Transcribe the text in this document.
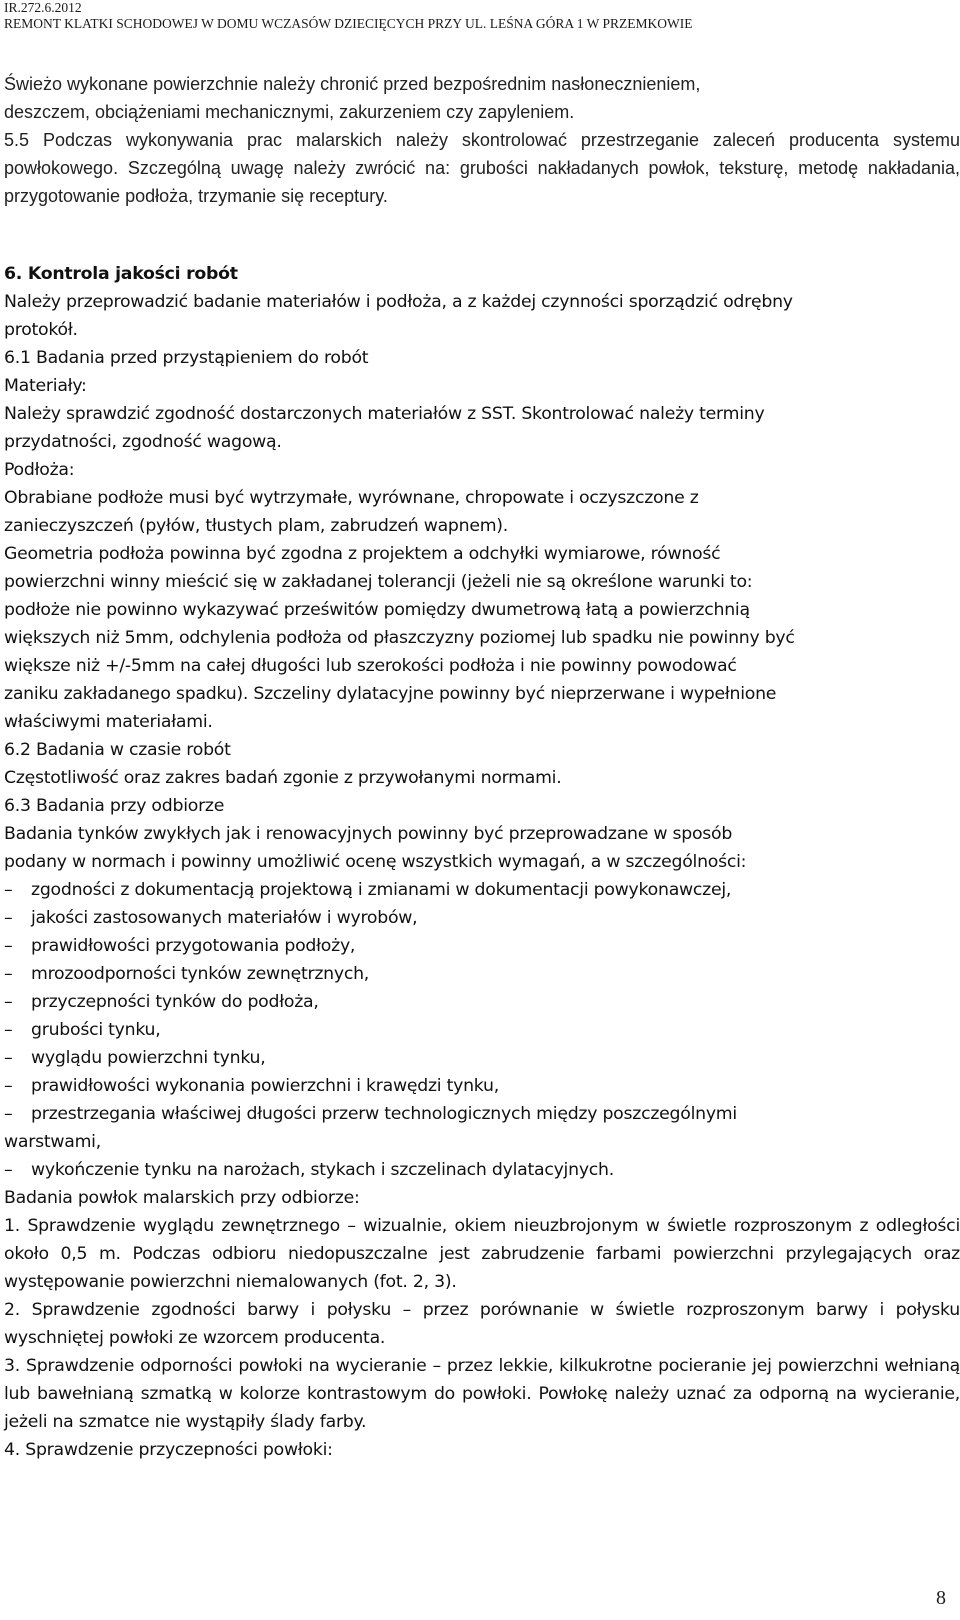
IR.272.6.2012
REMONT KLATKI SCHODOWEJ W DOMU WCZASÓW DZIECIĘCYCH PRZY UL. LEŚNA GÓRA 1 W PRZEMKOWIE
Świeżo wykonane powierzchnie należy chronić przed bezpośrednim nasłonecznieniem,
deszczem, obciążeniami mechanicznymi, zakurzeniem czy zapyleniem.
5.5 Podczas wykonywania prac malarskich należy skontrolować przestrzeganie zaleceń producenta systemu powłokowego. Szczególną uwagę należy zwrócić na: grubości nakładanych powłok, teksturę, metodę nakładania, przygotowanie podłoża, trzymanie się receptury.
6. Kontrola jakości robót
Należy przeprowadzić badanie materiałów i podłoża, a z każdej czynności sporządzić odrębny
protokół.
6.1 Badania przed przystąpieniem do robót
Materiały:
Należy sprawdzić zgodność dostarczonych materiałów z SST. Skontrolować należy terminy
przydatności, zgodność wagową.
Podłoża:
Obrabiane podłoże musi być wytrzymałe, wyrównane, chropowate i oczyszczone z
zanieczyszczeń (pyłów, tłustych plam, zabrudzeń wapnem).
Geometria podłoża powinna być zgodna z projektem a odchyłki wymiarowe, równość
powierzchni winny mieścić się w zakładanej tolerancji (jeżeli nie są określone warunki to:
podłoże nie powinno wykazywać prześwitów pomiędzy dwumetrową łatą a powierzchnią
większych niż 5mm, odchylenia podłoża od płaszczyzny poziomej lub spadku nie powinny być
większe niż +/-5mm na całej długości lub szerokości podłoża i nie powinny powodować
zaniku zakładanego spadku). Szczeliny dylatacyjne powinny być nieprzerwane i wypełnione
właściwymi materiałami.
6.2 Badania w czasie robót
Częstotliwość oraz zakres badań zgonie z przywołanymi normami.
6.3 Badania przy odbiorze
Badania tynków zwykłych jak i renowacyjnych powinny być przeprowadzane w sposób
podany w normach i powinny umożliwić ocenę wszystkich wymagań, a w szczególności:
– zgodności z dokumentacją projektową i zmianami w dokumentacji powykonawczej,
– jakości zastosowanych materiałów i wyrobów,
– prawidłowości przygotowania podłoży,
– mrozoodporności tynków zewnętrznych,
– przyczepności tynków do podłoża,
– grubości tynku,
– wyglądu powierzchni tynku,
– prawidłowości wykonania powierzchni i krawędzi tynku,
– przestrzegania właściwej długości przerw technologicznych między poszczególnymi
warstwami,
– wykończenie tynku na narożach, stykach i szczelinach dylatacyjnych.
Badania powłok malarskich przy odbiorze:
1. Sprawdzenie wyglądu zewnętrznego – wizualnie, okiem nieuzbrojonym w świetle rozproszonym z odległości około 0,5 m. Podczas odbioru niedopuszczalne jest zabrudzenie farbami powierzchni przylegających oraz występowanie powierzchni niemalowanych (fot. 2, 3).
2. Sprawdzenie zgodności barwy i połysku – przez porównanie w świetle rozproszonym barwy i połysku wyschniętej powłoki ze wzorcem producenta.
3. Sprawdzenie odporności powłoki na wycieranie – przez lekkie, kilkukrotne pocieranie jej powierzchni wełnianą lub bawełnianą szmatką w kolorze kontrastowym do powłoki. Powłokę należy uznać za odporną na wycieranie, jeżeli na szmatce nie wystąpiły ślady farby.
4. Sprawdzenie przyczepności powłoki:
8
